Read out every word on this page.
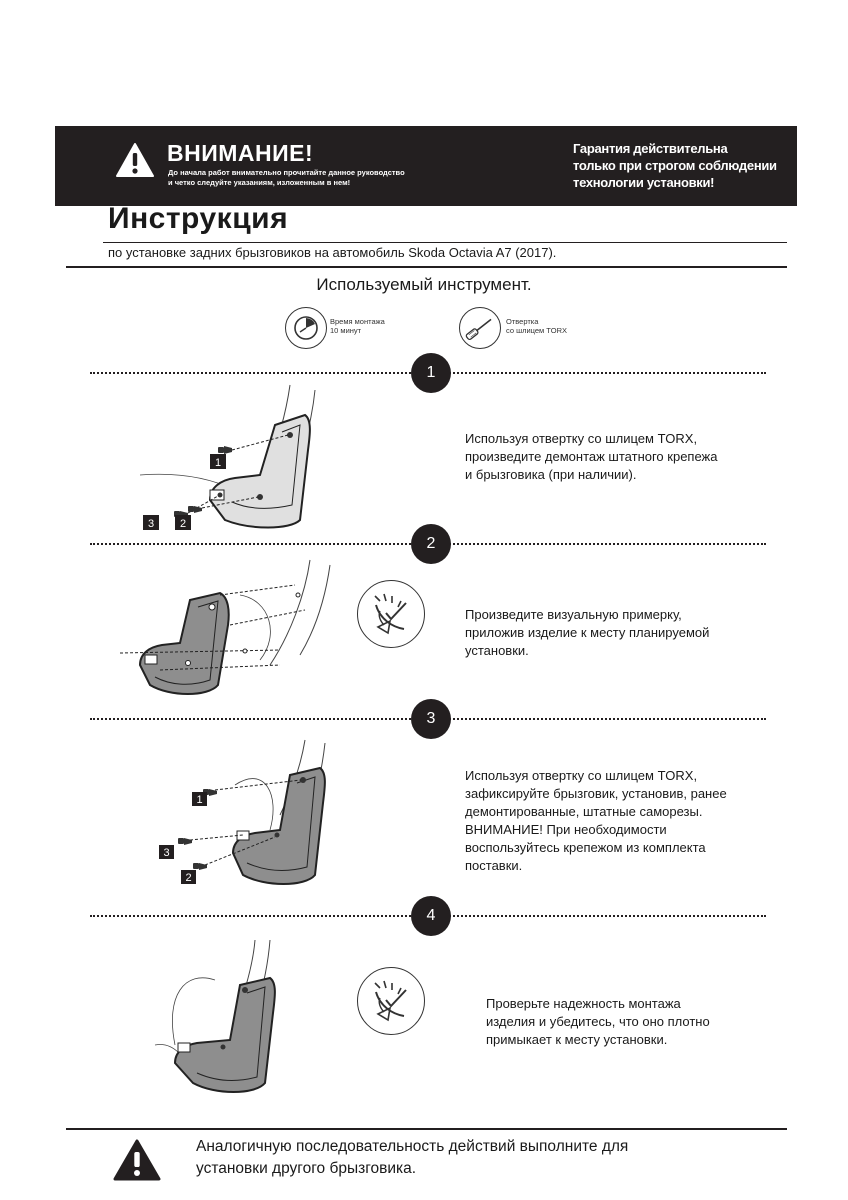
ВНИМАНИЕ!
До начала работ внимательно прочитайте данное руководство
и четко следуйте указаниям, изложенным в нем!
Гарантия действительна
только при строгом соблюдении
технологии установки!
Инструкция
по установке задних брызговиков на автомобиль Skoda Octavia A7 (2017).
Используемый инструмент.
Время монтажа
10 минут
Отвертка
со шлицем TORX
1
1
3 2
Используя отвертку со шлицем TORX,
произведите демонтаж штатного крепежа
и брызговика (при наличии).
2
Произведите визуальную примерку,
приложив изделие к месту планируемой
установки.
3
1
3
2
Используя отвертку со шлицем TORX,
зафиксируйте брызговик, установив, ранее
демонтированные, штатные саморезы.
ВНИМАНИЕ! При необходимости
воспользуйтесь крепежом из комплекта
поставки.
4
Проверьте надежность монтажа
изделия и убедитесь, что оно плотно
примыкает к месту установки.
Аналогичную последовательность действий выполните для
установки другого брызговика.
